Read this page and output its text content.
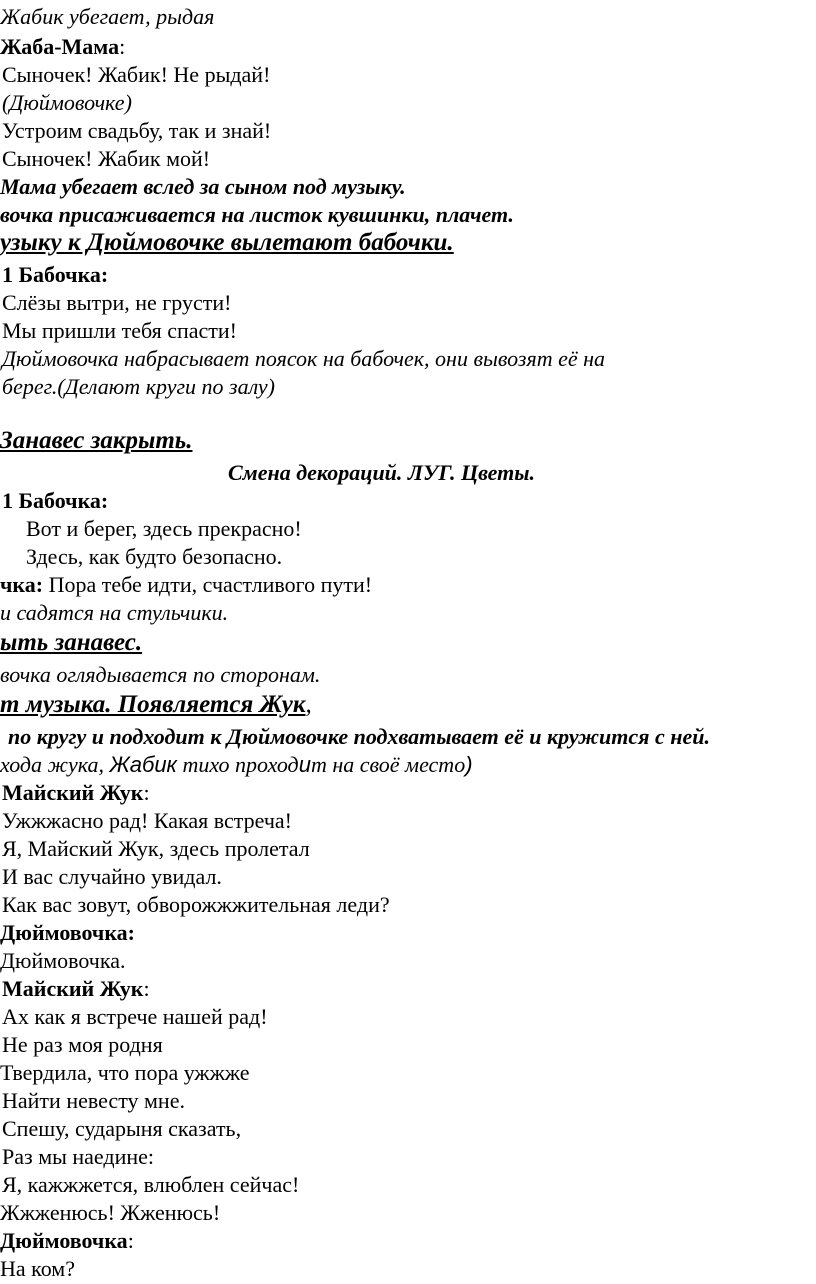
Жабик убегает, рыдая
Жаба-Мама:
Сыночек! Жабик! Не рыдай!
(Дюймовочке)
Устроим свадьбу, так и знай!
Сыночек! Жабик мой!
Мама убегает вслед за сыном под музыку.
вочка присаживается на листок кувшинки, плачет.
узыку к Дюймовочке вылетают бабочки.
1 Бабочка:
Слёзы вытри, не грусти!
Мы пришли тебя спасти!
Дюймовочка набрасывает поясок на бабочек, они вывозят её на
берег.(Делают круги по залу)
Занавес закрыть.
Смена декораций. ЛУГ. Цветы.
1 Бабочка:
Вот и берег, здесь прекрасно!
Здесь, как будто безопасно.
чка: Пора тебе идти, счастливого пути!
и садятся на стульчики.
ыть занавес.
вочка оглядывается по сторонам.
т музыка. Появляется Жук,
по кругу и подходит к Дюймовочке подхватывает её и кружится с ней.
хода жука, Жабик тихо проходит на своё место)
Майский Жук:
Ужжжасно рад! Какая встреча!
Я, Майский Жук, здесь пролетал
И вас случайно увидал.
Как вас зовут, обворожжжительная леди?
Дюймовочка:
Дюймовочка.
Майский Жук:
Ах как я встрече нашей рад!
Не раз моя родня
Твердила, что пора ужжже
Найти невесту мне.
Спешу, сударыня сказать,
Раз мы наедине:
Я, кажжжется, влюблен сейчас!
Жжженюсь! Жженюсь!
Дюймовочка:
На ком?
